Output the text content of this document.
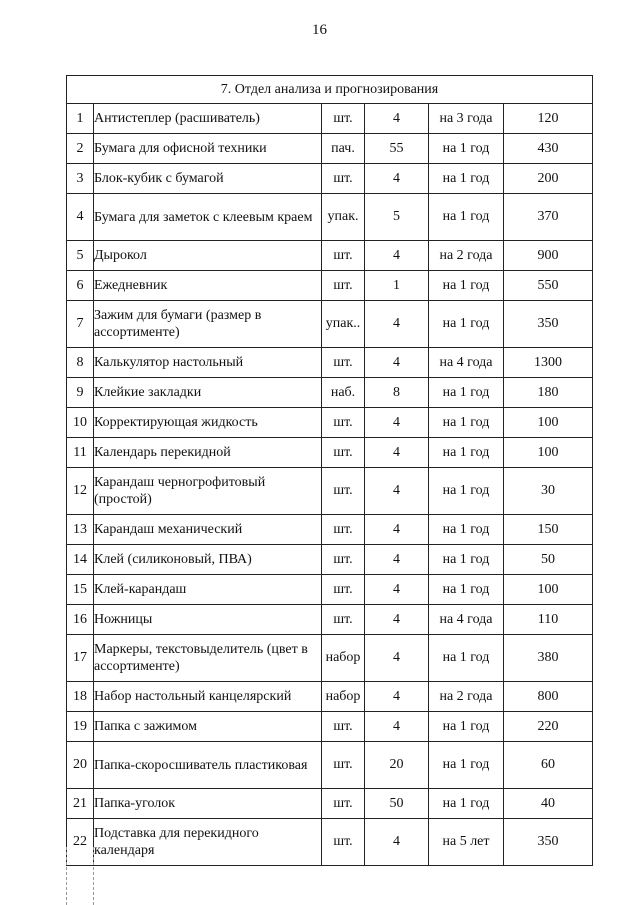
16
7. Отдел анализа и прогнозирования					
1	Антистеплер (расшиватель)	шт.	4	на 3 года	120
2	Бумага для офисной техники	пач.	55	на 1 год	430
3	Блок-кубик с бумагой	шт.	4	на 1 год	200
4	Бумага для заметок с клеевым краем	упак.	5	на 1 год	370
5	Дырокол	шт.	4	на 2 года	900
6	Ежедневник	шт.	1	на 1 год	550
7	Зажим для бумаги (размер в ассортименте)	упак..	4	на 1 год	350
8	Калькулятор настольный	шт.	4	на 4 года	1300
9	Клейкие закладки	наб.	8	на 1 год	180
10	Корректирующая жидкость	шт.	4	на 1 год	100
11	Календарь перекидной	шт.	4	на 1 год	100
12	Карандаш черногрофитовый (простой)	шт.	4	на 1 год	30
13	Карандаш механический	шт.	4	на 1 год	150
14	Клей (силиконовый, ПВА)	шт.	4	на 1 год	50
15	Клей-карандаш	шт.	4	на 1 год	100
16	Ножницы	шт.	4	на 4 года	110
17	Маркеры, текстовыделитель (цвет в ассортименте)	набор	4	на 1 год	380
18	Набор настольный канцелярский	набор	4	на 2 года	800
19	Папка с зажимом	шт.	4	на 1 год	220
20	Папка-скоросшиватель пластиковая	шт.	20	на 1 год	60
21	Папка-уголок	шт.	50	на 1 год	40
22	Подставка для перекидного календаря	шт.	4	на 5 лет	350
